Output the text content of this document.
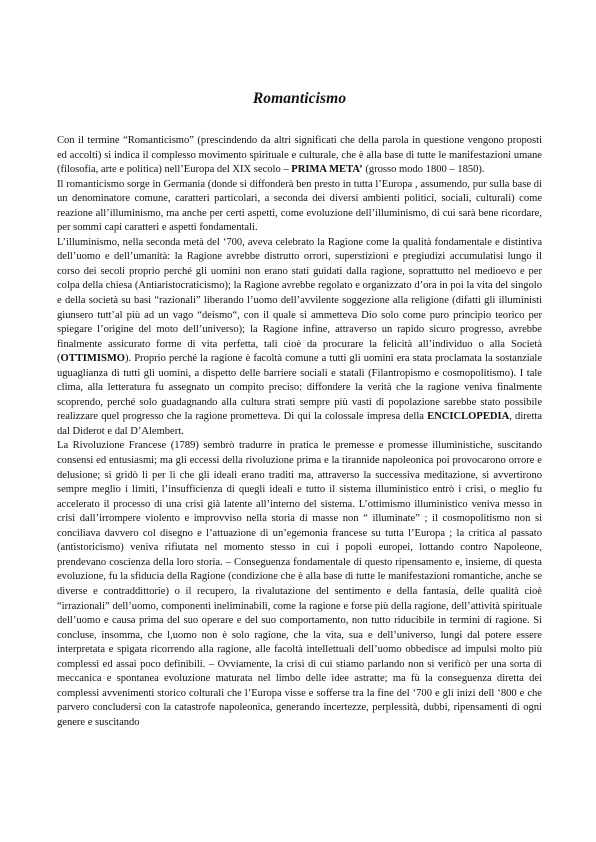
Romanticismo

Con il termine “Romanticismo” (prescindendo da altri significati che della parola in questione vengono proposti ed accolti) si indica il complesso movimento spirituale e culturale, che è alla base di tutte le manifestazioni umane (filosofia, arte e politica) nell’Europa del XIX secolo – PRIMA META’ (grosso modo 1800 – 1850).

Il romanticismo sorge in Germania (donde si diffonderà ben presto in tutta l’Europa , assumendo, pur sulla base di un denominatore comune, caratteri particolari, a seconda dei diversi ambienti politici, sociali, culturali) come reazione all’illuminismo, ma anche per certi aspetti, come evoluzione dell’illuminismo, di cui sarà bene ricordare, per sommi capi caratteri e aspetti fondamentali.

L’illuminismo, nella seconda metà del ‘700, aveva celebrato la Ragione come la qualità fondamentale e distintiva dell’uomo e dell’umanità: la Ragione avrebbe distrutto orrori, superstizioni e pregiudizi accumulatisi lungo il corso dei secoli proprio perché gli uomini non erano stati guidati dalla ragione, soprattutto nel medioevo e per colpa della chiesa (Antiaristocraticismo); la Ragione avrebbe regolato e organizzato d’ora in poi la vita del singolo e della società su basi “razionali” liberando l’uomo dell’avvilente soggezione alla religione (difatti gli illuministi giunsero tutt’al più ad un vago “deismo“, con il quale si ammetteva Dio solo come puro principio teorico per spiegare l’origine del moto dell’universo); la Ragione infine, attraverso un rapido sicuro progresso, avrebbe finalmente assicurato forme di vita perfetta, tali cioè da procurare la felicità all’individuo o alla Società (OTTIMISMO). Proprio perché la ragione è facoltà comune a tutti gli uomini era stata proclamata la sostanziale uguaglianza di tutti gli uomini, a dispetto delle barriere sociali e statali (Filantropismo e cosmopolitismo). I tale clima, alla letteratura fu assegnato un compito preciso: diffondere la verità che la ragione veniva finalmente scoprendo, perché solo guadagnando alla cultura strati sempre più vasti di popolazione sarebbe stato possibile realizzare quel progresso che la ragione prometteva. Di qui la colossale impresa della ENCICLOPEDIA, diretta dal Diderot e dal D’Alembert.

La Rivoluzione Francese (1789) sembrò tradurre in pratica le premesse e promesse illuministiche, suscitando consensi ed entusiasmi; ma gli eccessi della rivoluzione prima e la tirannide napoleonica poi provocarono orrore e delusione; si gridò li per lì che gli ideali erano traditi ma, attraverso la successiva meditazione, si avvertirono sempre meglio i limiti, l’insufficienza di quegli ideali e tutto il sistema illuministico entrò i crisi, o meglio fu accelerato il processo di una crisi già latente all’interno del sistema. L’ottimismo illuministico veniva messo in crisi dall’irrompere violento e improvviso nella storia di masse non “ illuminate” ; il cosmopolitismo non si conciliava davvero col disegno e l’attuazione di un’egemonia francese su tutta l’Europa ; la critica al passato (antistoricismo) veniva rifiutata nel momento stesso in cui i popoli europei, lottando contro Napoleone, prendevano coscienza della loro storia. – Conseguenza fondamentale di questo ripensamento e, insieme, di questa evoluzione, fu la sfiducia della Ragione (condizione che è alla base di tutte le manifestazioni romantiche, anche se diverse e contraddittorie) o il recupero, la rivalutazione del sentimento e della fantasia, delle qualità cioè “irrazionali” dell’uomo, componenti ineliminabili, come la ragione e forse più della ragione, dell’attività spirituale dell’uomo e causa prima del suo operare e del suo comportamento, non tutto riducibile in termini di ragione. Si concluse, insomma, che l,uomo non è solo ragione, che la vita, sua e dell’universo, lungi dal potere essere interpretata e spigata ricorrendo alla ragione, alle facoltà intellettuali dell’uomo obbedisce ad impulsi molto più complessi ed assai poco definibili. – Ovviamente, la crisi di cui stiamo parlando non si verificò per una sorta di meccanica e spontanea evoluzione maturata nel limbo delle idee astratte; ma fù la conseguenza diretta dei complessi avvenimenti storico colturali che l’Europa visse e sofferse tra la fine del ‘700 e gli inizi dell ‘800 e che parvero concludersi con la catastrofe napoleonica, generando incertezze, perplessità, dubbi, ripensamenti di ogni genere e suscitando
